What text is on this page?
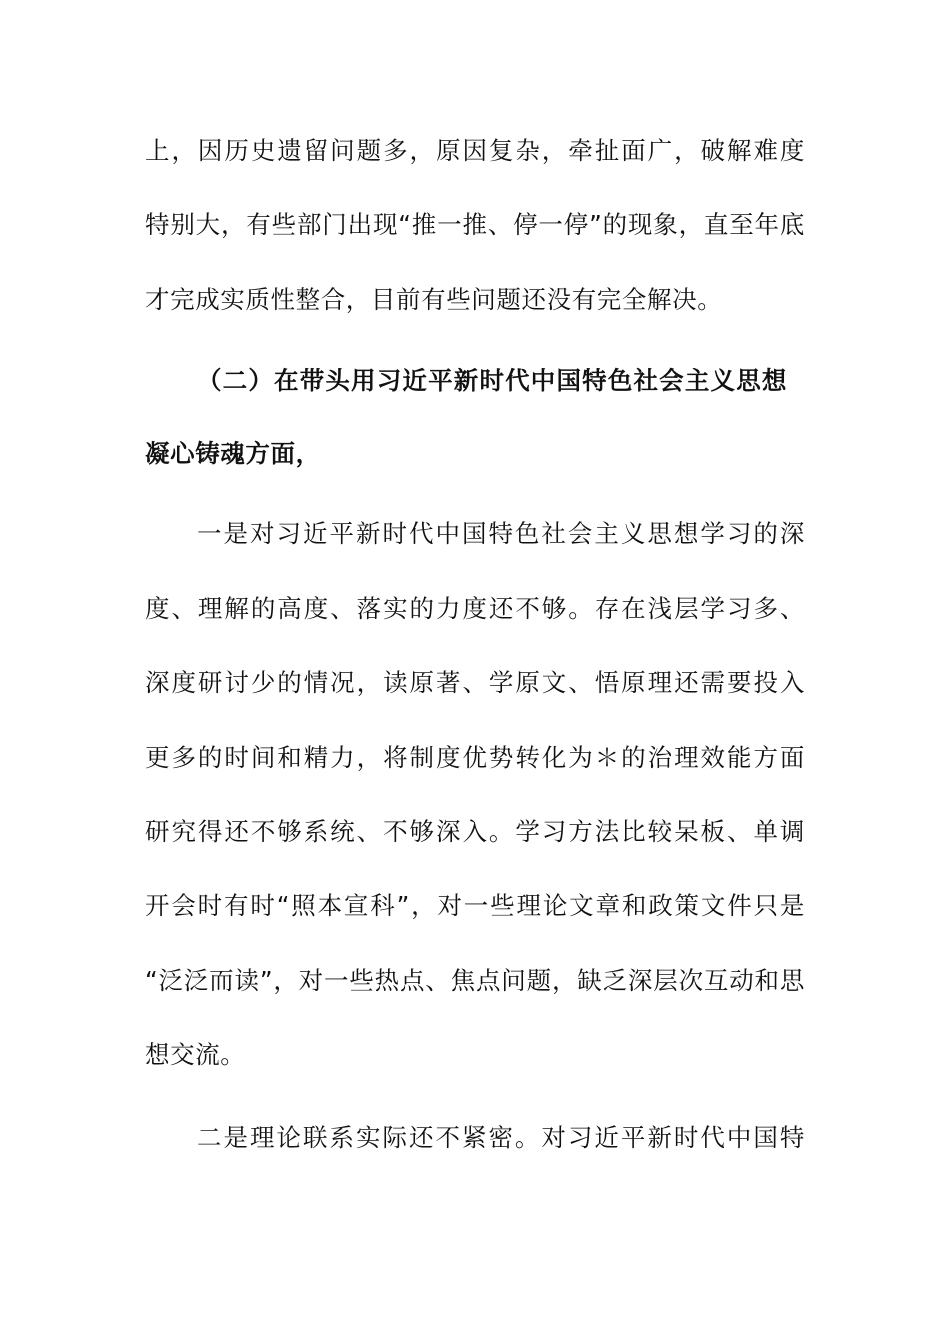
上，因历史遗留问题多，原因复杂，牵扯面广，破解难度
特别大，有些部门出现“推一推、停一停”的现象，直至年底
才完成实质性整合，目前有些问题还没有完全解决。
（二）在带头用习近平新时代中国特色社会主义思想
凝心铸魂方面，
一是对习近平新时代中国特色社会主义思想学习的深
度、理解的高度、落实的力度还不够。存在浅层学习多、
深度研讨少的情况，读原著、学原文、悟原理还需要投入
更多的时间和精力，将制度优势转化为＊的治理效能方面
研究得还不够系统、不够深入。学习方法比较呆板、单调
开会时有时“照本宣科”，对一些理论文章和政策文件只是
“泛泛而读”，对一些热点、焦点问题，缺乏深层次互动和思
想交流。
二是理论联系实际还不紧密。对习近平新时代中国特
